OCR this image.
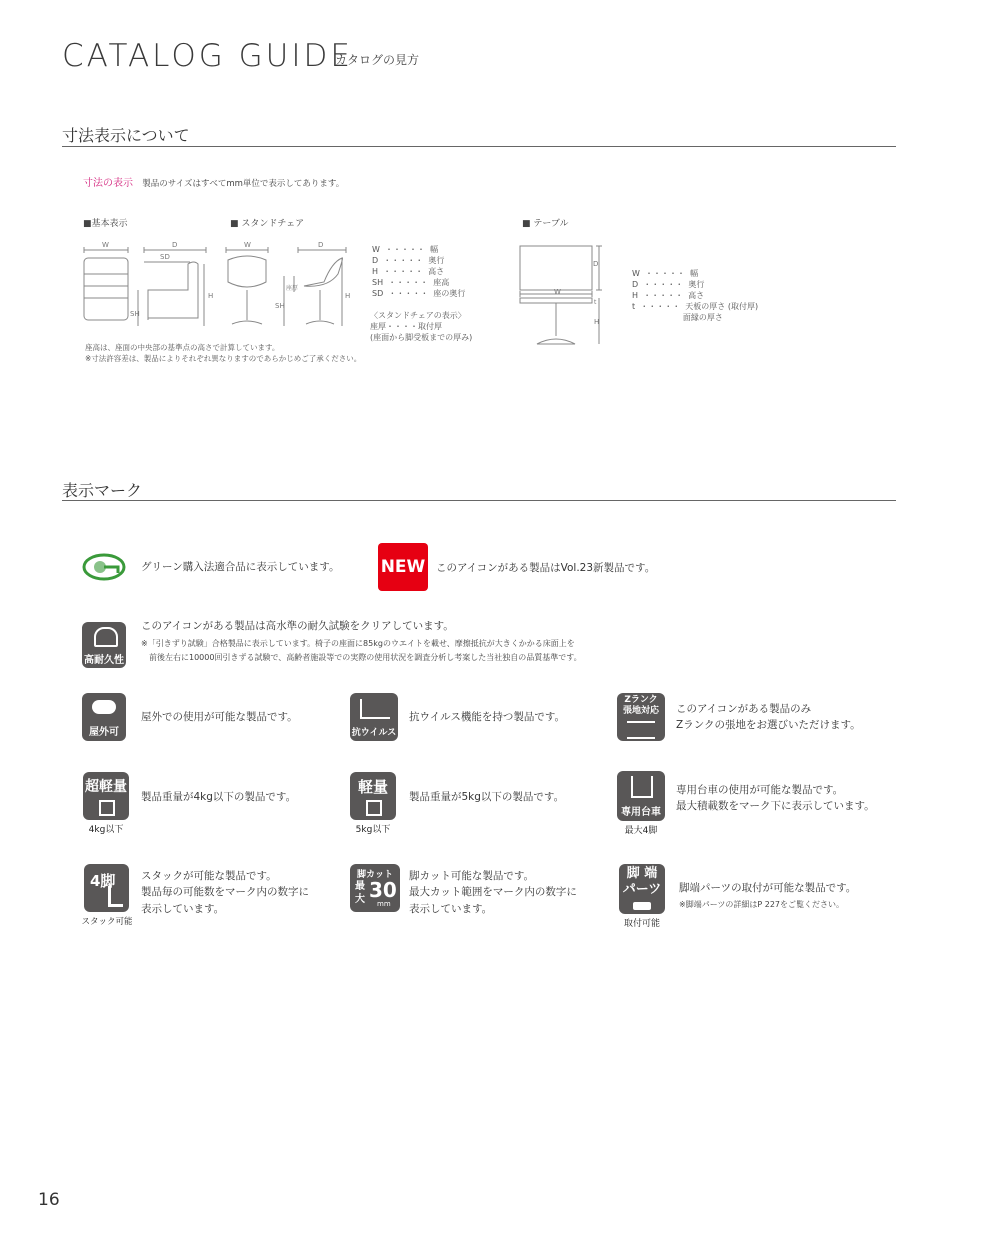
CATALOG GUIDE
カタログの見方
寸法表示について
寸法の表示 製品のサイズはすべてmm単位で表示してあります。
■基本表示	■ スタンドチェア	■ テーブル
W	D
SD
SH
H
W	D
SH
座厚
H
W  ・・・・・  幅
D  ・・・・・  奥行
H  ・・・・・  高さ
SH  ・・・・・  座高
SD  ・・・・・  座の奥行
〈スタンドチェアの表示〉
座厚・・・・取付厚
(座面から脚受板までの厚み)
W
D
t
H
W  ・・・・・  幅
D  ・・・・・  奥行
H  ・・・・・  高さ
t  ・・・・・  天板の厚さ (取付厚)
面縁の厚さ
座高は、座面の中央部の基準点の高さで計算しています。
※寸法許容差は、製品によりそれぞれ異なりますのであらかじめご了承ください。
表示マーク
グリーン購入法適合品に表示しています。 NEW このアイコンがある製品はVol.23新製品です。
高耐久性
このアイコンがある製品は高水準の耐久試験をクリアしています。
※「引きずり試験」合格製品に表示しています。椅子の座面に85kgのウエイトを載せ、摩擦抵抗が大きくかかる床面上を
前後左右に10000回引きずる試験で、高齢者施設等での実際の使用状況を調査分析し考案した当社独自の品質基準です。
屋外可
屋外での使用が可能な製品です。
抗ウイルス
抗ウイルス機能を持つ製品です。
Zランク
張地対応	このアイコンがある製品のみ
Zランクの張地をお選びいただけます。
超軽量
4kg以下
製品重量が4kg以下の製品です。
軽量
5kg以下
製品重量が5kg以下の製品です。
専用台車
最大4脚
専用台車の使用が可能な製品です。
最大積載数をマーク下に表示しています。
4脚
スタック可能
スタックが可能な製品です。
製品毎の可能数をマーク内の数字に
表示しています。
脚カット
最
大 30
mm
脚カット可能な製品です。
最大カット範囲をマーク内の数字に
表示しています。
脚 端
パーツ
取付可能
脚端パーツの取付が可能な製品です。
※脚端パーツの詳細はP 227をご覧ください。
16
